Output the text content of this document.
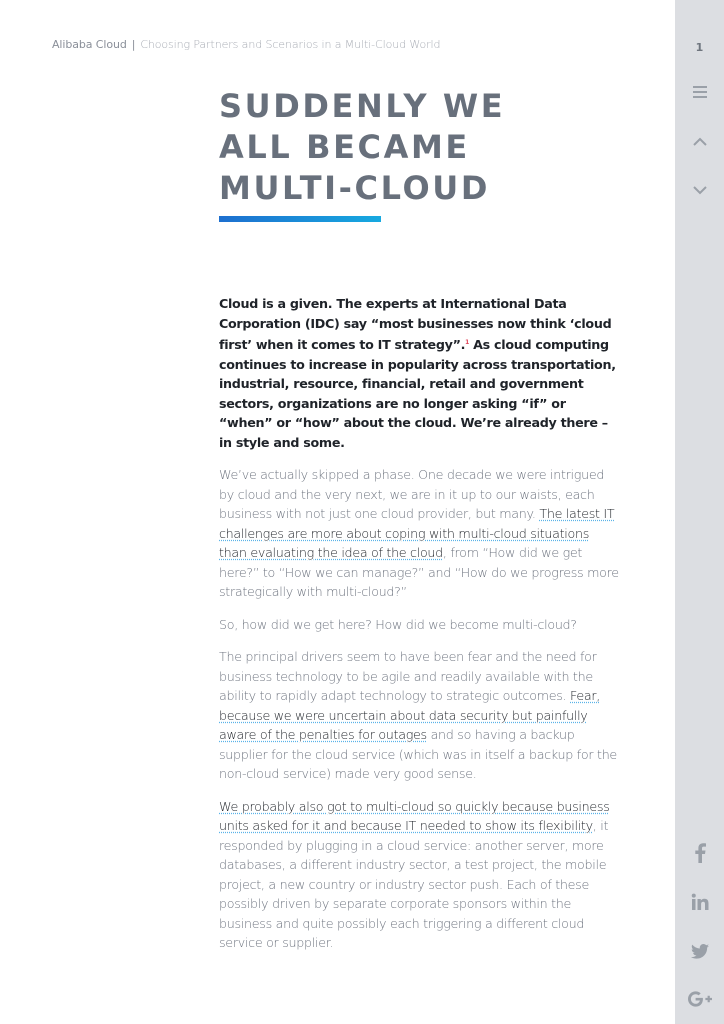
Alibaba Cloud | Choosing Partners and Scenarios in a Multi-Cloud World	1
SUDDENLY WE
ALL BECAME
MULTI-CLOUD

Cloud is a given. The experts at International Data Corporation (IDC) say “most businesses now think ‘cloud first’ when it comes to IT strategy”.$^1$ As cloud computing continues to increase in popularity across transportation, industrial, resource, financial, retail and government sectors, organizations are no longer asking “if” or “when” or “how” about the cloud. We’re already there – in style and some.

We’ve actually skipped a phase. One decade we were intrigued by cloud and the very next, we are in it up to our waists, each business with not just one cloud provider, but many. The latest IT challenges are more about coping with multi-cloud situations than evaluating the idea of the cloud, from “How did we get here?” to “How we can manage?” and “How do we progress more strategically with multi-cloud?”

So, how did we get here? How did we become multi-cloud?

The principal drivers seem to have been fear and the need for business technology to be agile and readily available with the ability to rapidly adapt technology to strategic outcomes. Fear, because we were uncertain about data security but painfully aware of the penalties for outages and so having a backup supplier for the cloud service (which was in itself a backup for the non-cloud service) made very good sense.

We probably also got to multi-cloud so quickly because business units asked for it and because IT needed to show its flexibility, it responded by plugging in a cloud service: another server, more databases, a different industry sector, a test project, the mobile project, a new country or industry sector push. Each of these possibly driven by separate corporate sponsors within the business and quite possibly each triggering a different cloud service or supplier.
